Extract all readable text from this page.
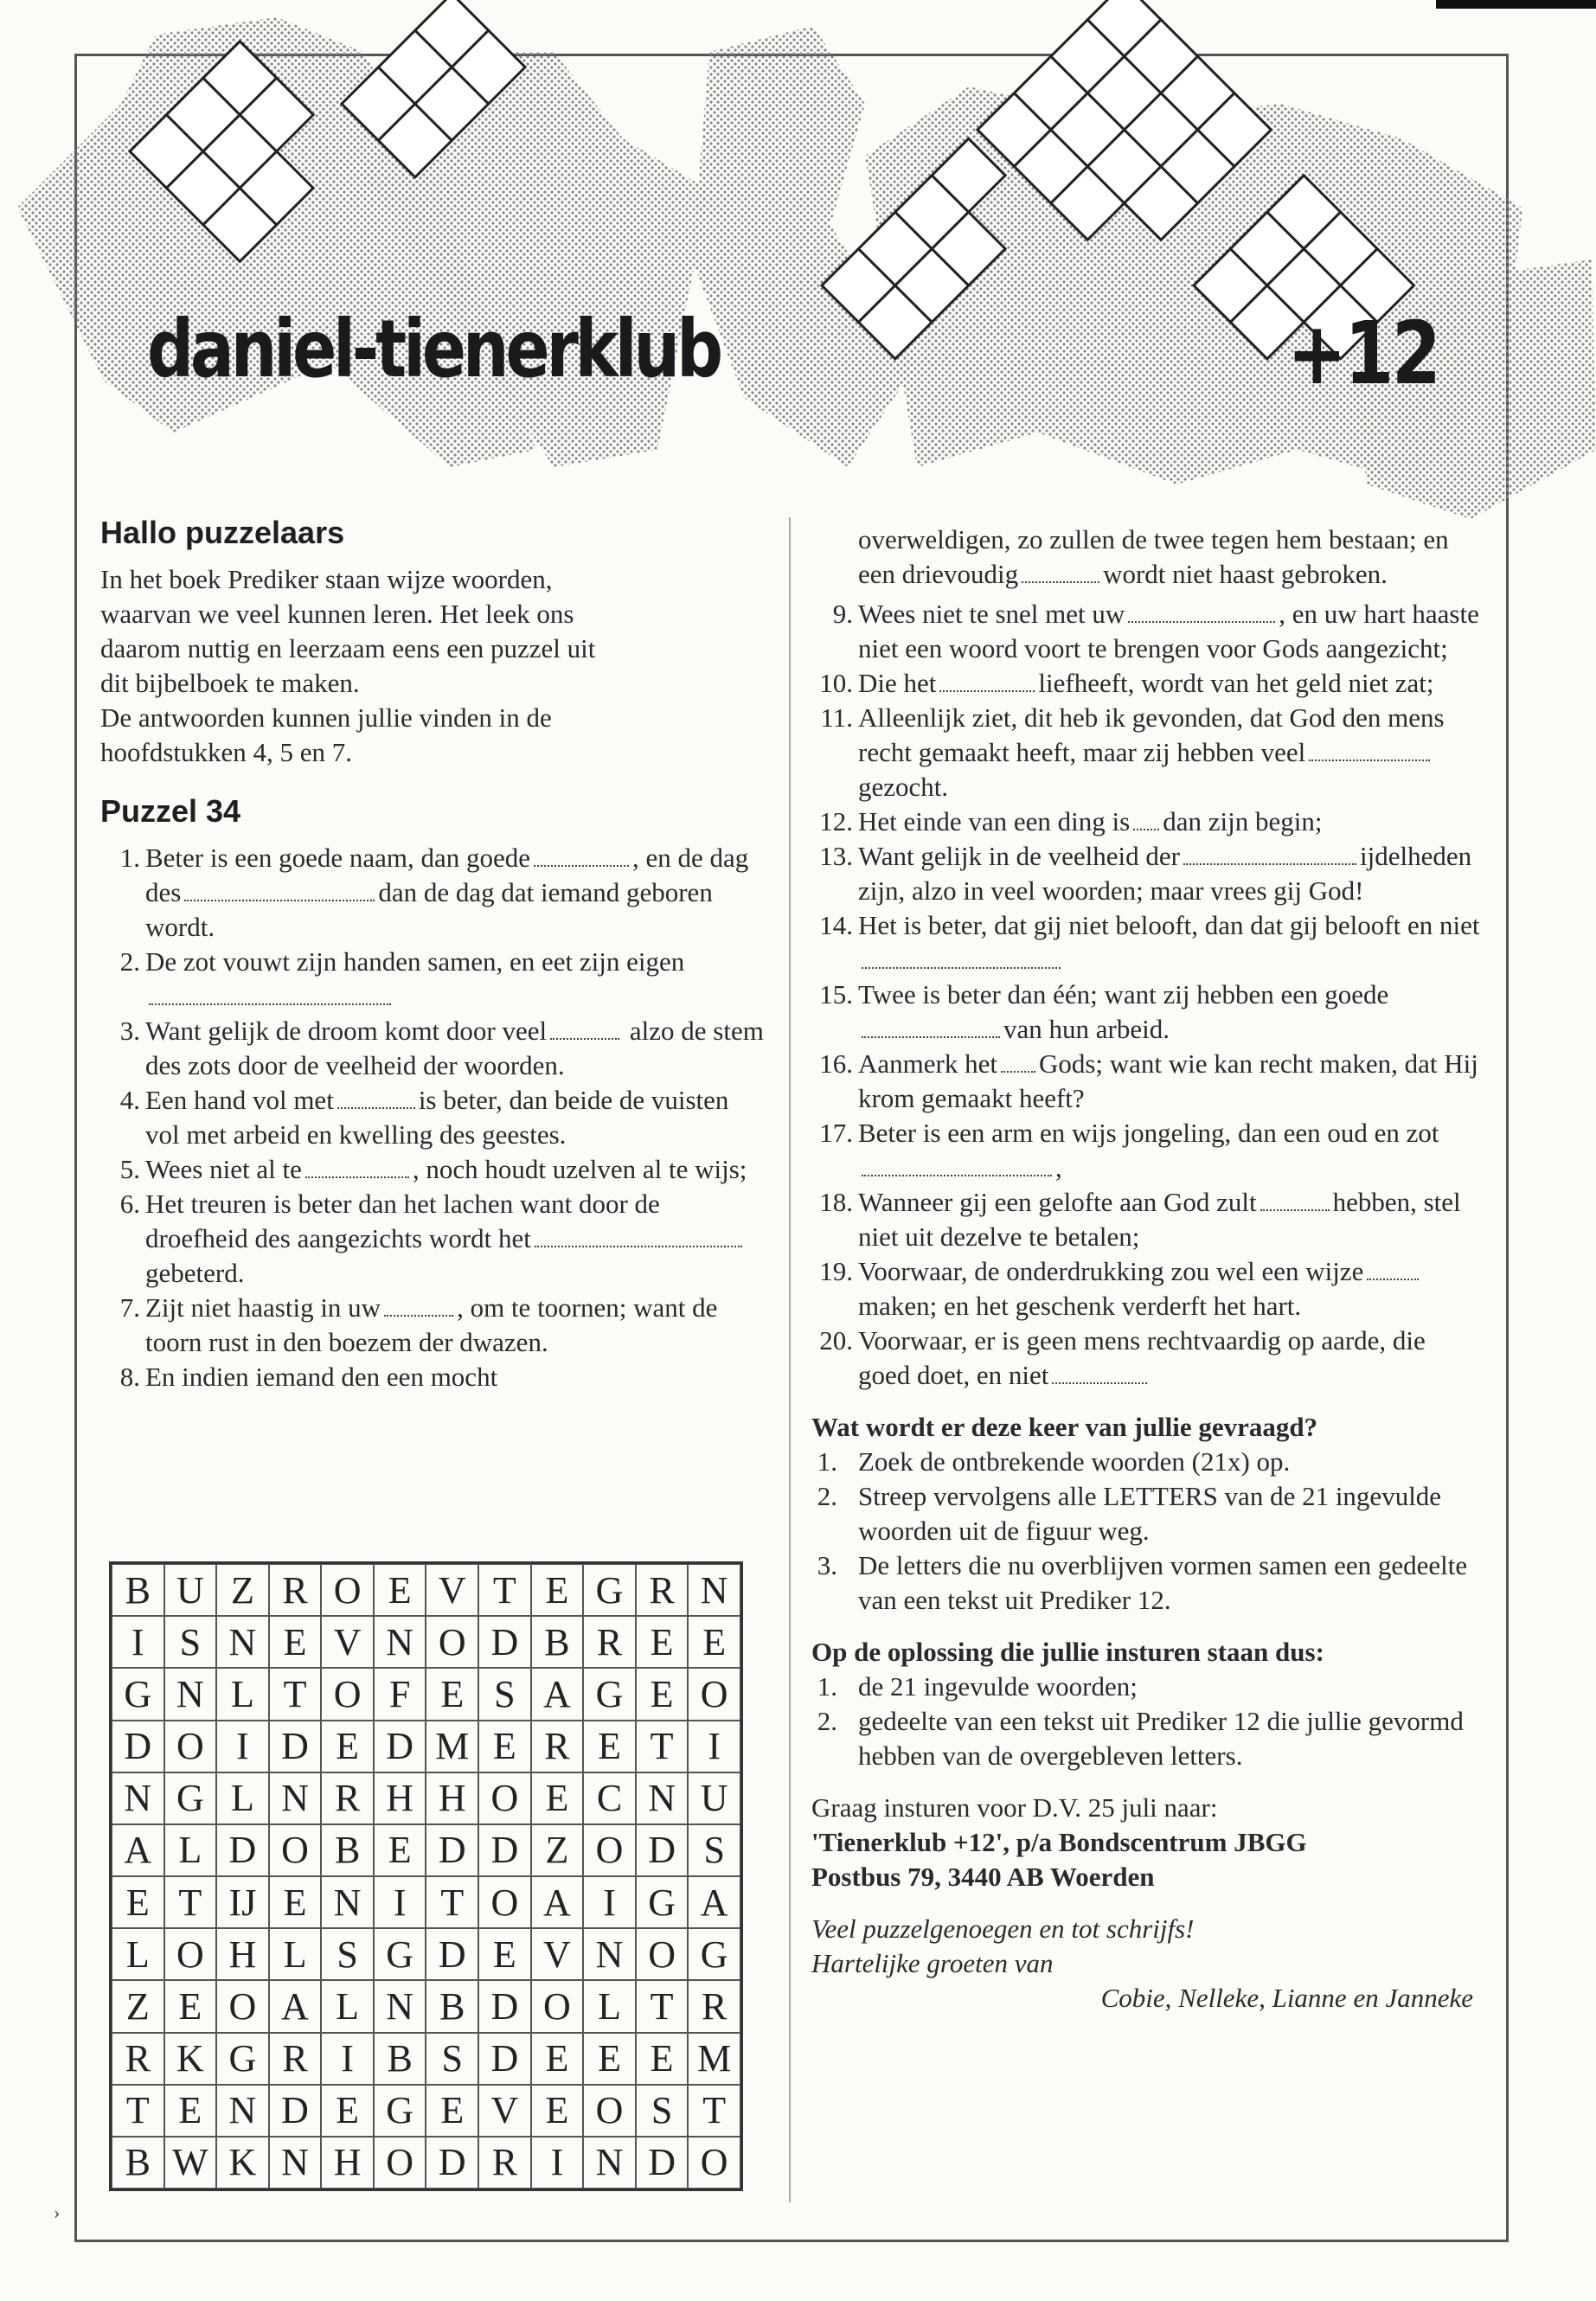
daniel-tienerklub	+12
Hallo puzzelaars

In het boek Prediker staan wijze woorden,

waarvan we veel kunnen leren. Het leek ons

daarom nuttig en leerzaam eens een puzzel uit

dit bijbelboek te maken.

De antwoorden kunnen jullie vinden in de

hoofdstukken 4, 5 en 7.

Puzzel 34
1. Beter is een goede naam, dan goede	, en de dag des	dan de dag dat iemand geboren wordt.
2. De zot vouwt zijn handen samen, en eet zijn eigen
3. Want gelijk de droom komt door veel	alzo de stem des zots door de veelheid der woorden.
4. Een hand vol met	is beter, dan beide de vuisten vol met arbeid en kwelling des geestes.
5. Wees niet al te	, noch houdt uzelven al te wijs;
6. Het treuren is beter dan het lachen want door de droefheid des aangezichts wordt hetgebeterd.
7. Zijt niet haastig in uw	, om te toornen; want de toorn rust in den boezem der dwazen.
8. En indien iemand den een mocht
B U Z R O E V T E G R N
I S N E V N O D B R E E
G N L T O F E S A G E O
D O I D E D M E R E T I
N G L N R H H O E C N U
A L D O B E D D Z O D S
E T IJ E N I T O A I G A
L O H L S G D E V N O G
Z E O A L N B D O L T R
R K G R I B S D E E E M
T E N D E G E V E O S T
B W K N H O D R I N D O
overweldigen, zo zullen de twee tegen hem bestaan; en een drievoudig	wordt niet haast gebroken.
9. Wees niet te snel met uw	, en uw hart haaste niet een woord voort te brengen voor Gods aangezicht;
10. Die het	liefheeft, wordt van het geld niet zat;
11. Alleenlijk ziet, dit heb ik gevonden, dat God den mens recht gemaakt heeft, maar zij hebben veelgezocht.
12. Het einde van een ding is dan zijn begin;
13. Want gelijk in de veelheid der	ijdelheden zijn, alzo in veel woorden; maar vrees gij God!
14. Het is beter, dat gij niet belooft, dan dat gij belooft en niet
15. Twee is beter dan één; want zij hebben een goedevan hun arbeid.
16. Aanmerk het Gods; want wie kan recht maken, dat Hij krom gemaakt heeft?
17. Beter is een arm en wijs jongeling, dan een oud en zot,
18. Wanneer gij een gelofte aan God zult	hebben, stel niet uit dezelve te betalen;
19. Voorwaar, de onderdrukking zou wel een wijzemaken; en het geschenk verderft het hart.
20. Voorwaar, er is geen mens rechtvaardig op aarde, die goed doet, en niet
Wat wordt er deze keer van jullie gevraagd?
1. Zoek de ontbrekende woorden (21x) op.
2. Streep vervolgens alle LETTERS van de 21 ingevulde woorden uit de figuur weg.
3. De letters die nu overblijven vormen samen een gedeelte van een tekst uit Prediker 12.
Op de oplossing die jullie insturen staan dus:
1. de 21 ingevulde woorden;
2. gedeelte van een tekst uit Prediker 12 die jullie gevormd hebben van de overgebleven letters.
Graag insturen voor D.V. 25 juli naar:
'Tienerklub +12', p/a Bondscentrum JBGG
Postbus 79, 3440 AB Woerden
Veel puzzelgenoegen en tot schrijfs!
Hartelijke groeten van
Cobie, Nelleke, Lianne en Janneke
›
